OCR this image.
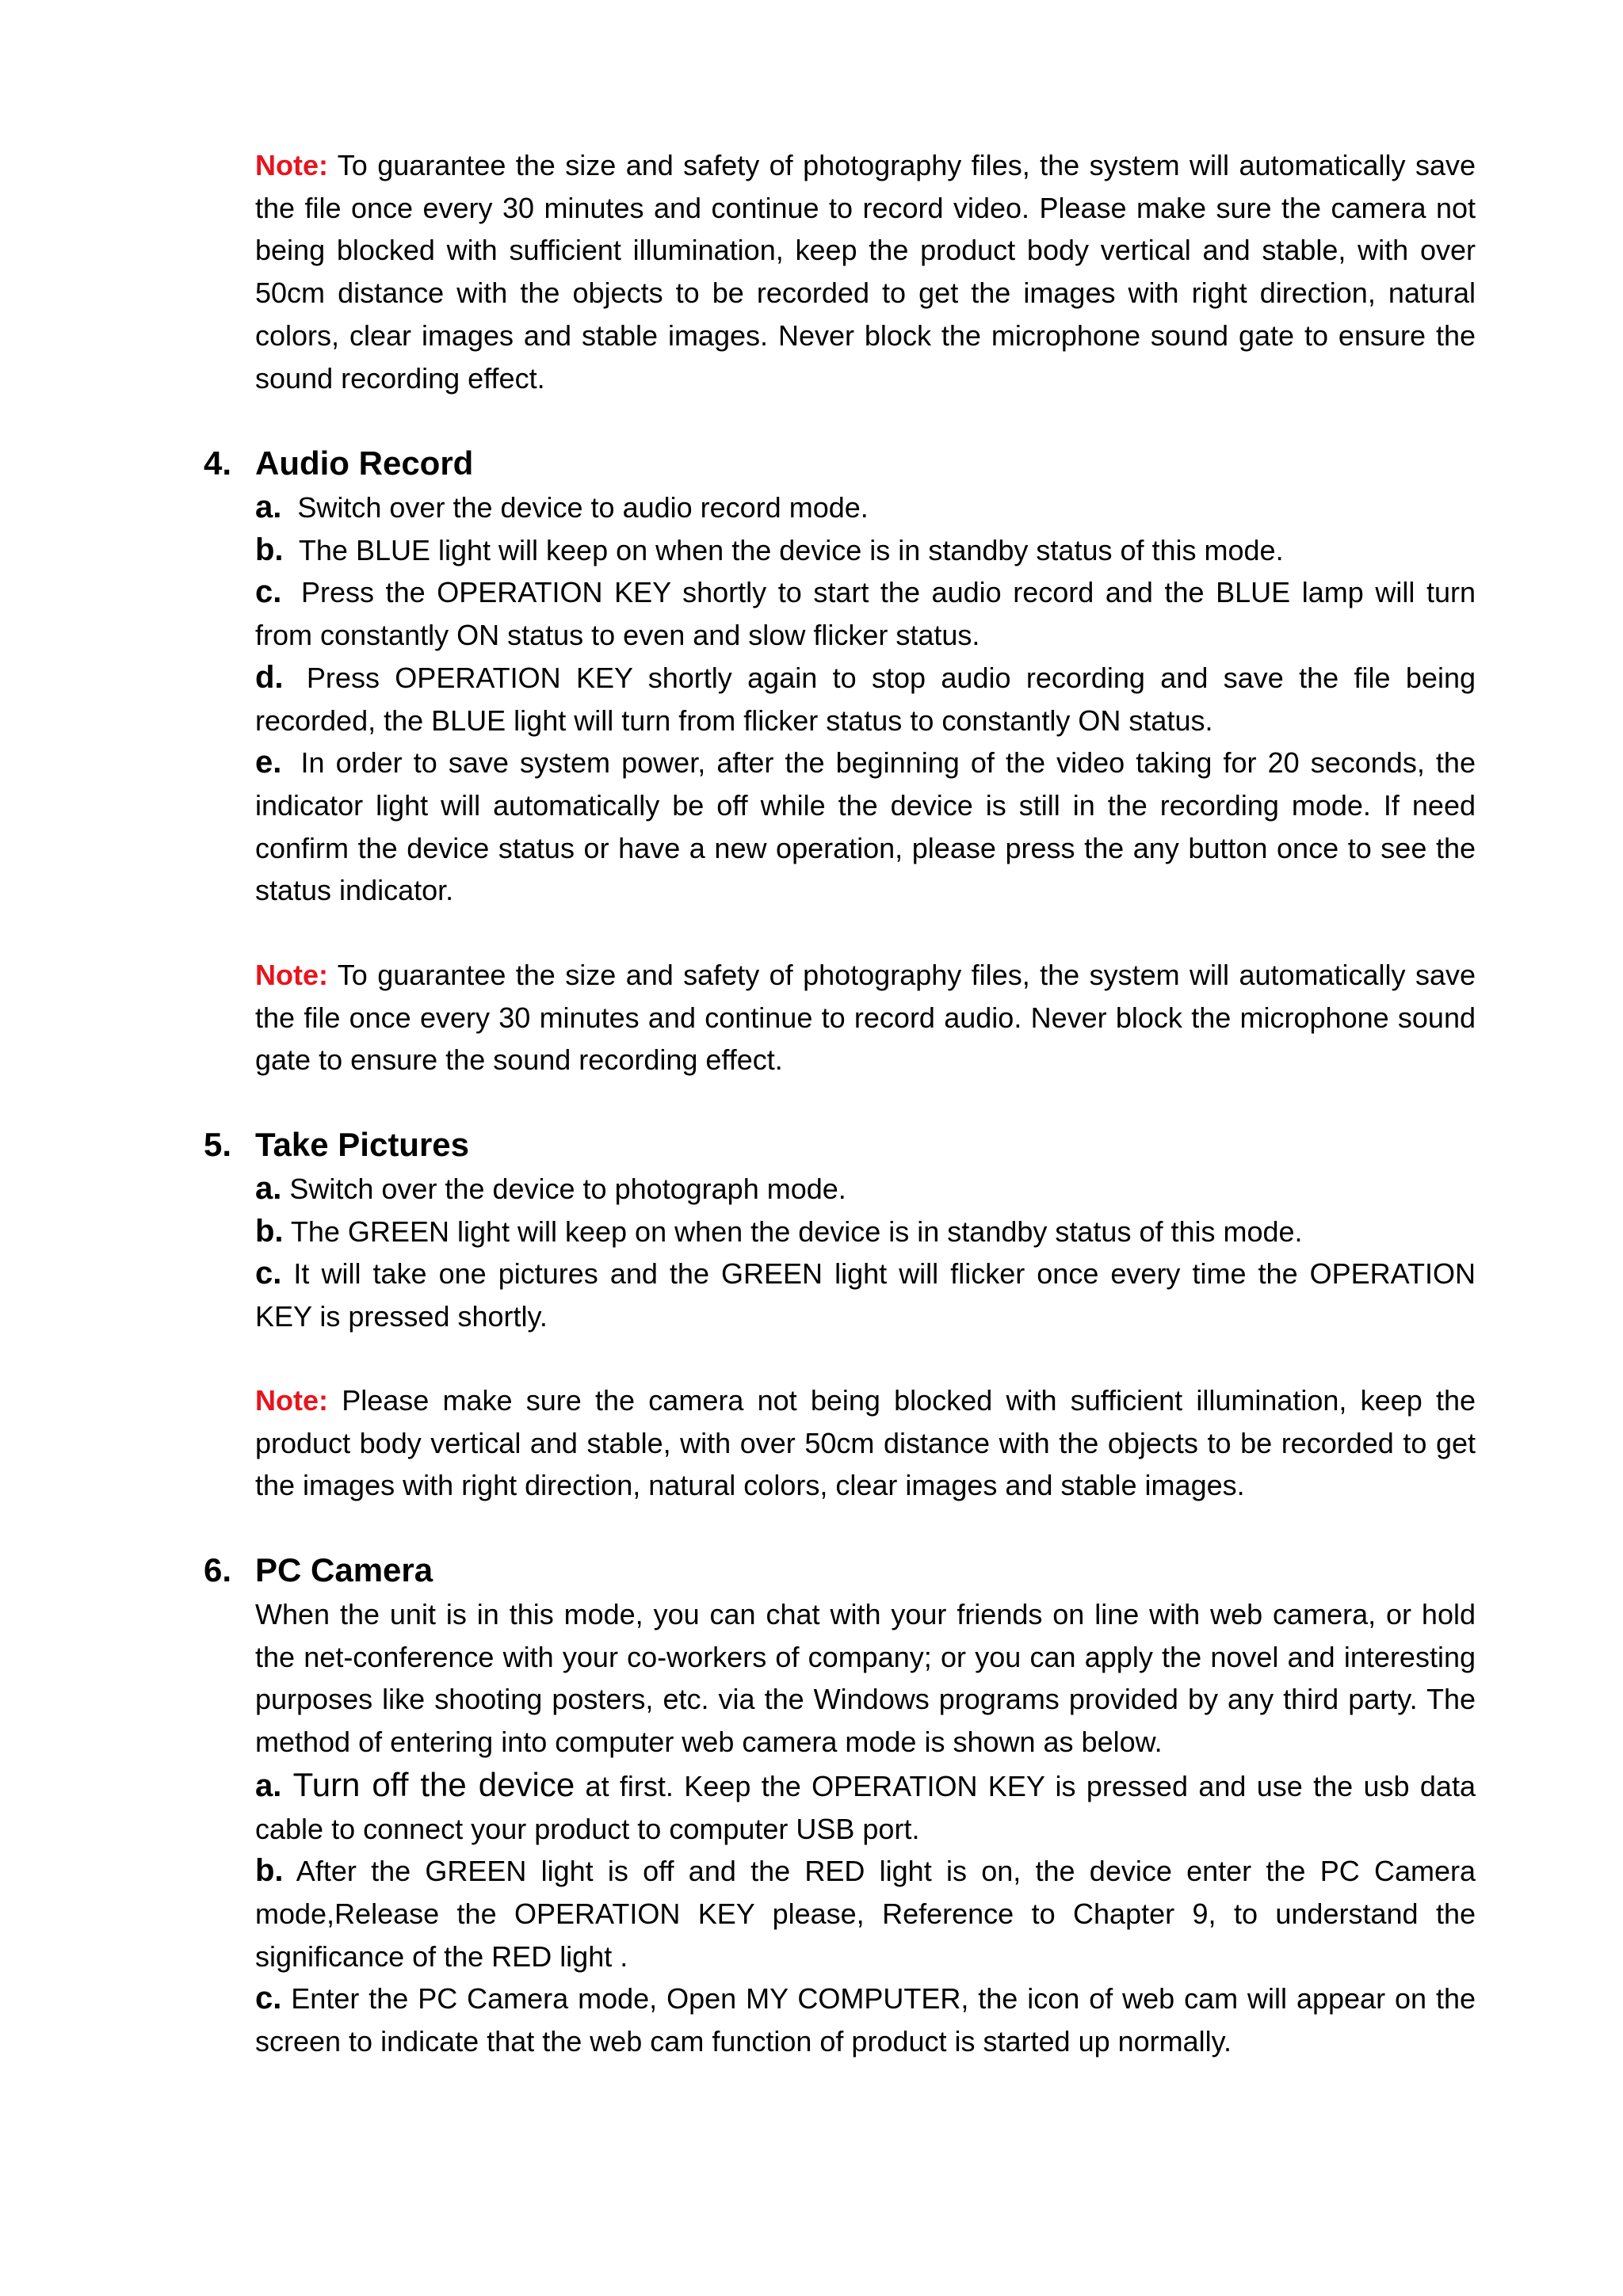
Note: To guarantee the size and safety of photography files, the system will automatically save the file once every 30 minutes and continue to record video. Please make sure the camera not being blocked with sufficient illumination, keep the product body vertical and stable, with over 50cm distance with the objects to be recorded to get the images with right direction, natural colors, clear images and stable images. Never block the microphone sound gate to ensure the sound recording effect.

4. Audio Record

a. Switch over the device to audio record mode.

b. The BLUE light will keep on when the device is in standby status of this mode.

c. Press the OPERATION KEY shortly to start the audio record and the BLUE lamp will turn from constantly ON status to even and slow flicker status.

d. Press OPERATION KEY shortly again to stop audio recording and save the file being recorded, the BLUE light will turn from flicker status to constantly ON status.

e. In order to save system power, after the beginning of the video taking for 20 seconds, the indicator light will automatically be off while the device is still in the recording mode. If need confirm the device status or have a new operation, please press the any button once to see the status indicator.

Note: To guarantee the size and safety of photography files, the system will automatically save the file once every 30 minutes and continue to record audio. Never block the microphone sound gate to ensure the sound recording effect.

5. Take Pictures

a. Switch over the device to photograph mode.

b. The GREEN light will keep on when the device is in standby status of this mode.

c. It will take one pictures and the GREEN light will flicker once every time the OPERATION KEY is pressed shortly.

Note: Please make sure the camera not being blocked with sufficient illumination, keep the product body vertical and stable, with over 50cm distance with the objects to be recorded to get the images with right direction, natural colors, clear images and stable images.

6. PC Camera

When the unit is in this mode, you can chat with your friends on line with web camera, or hold the net-conference with your co-workers of company; or you can apply the novel and interesting purposes like shooting posters, etc. via the Windows programs provided by any third party. The method of entering into computer web camera mode is shown as below.

a. Turn off the device at first. Keep the OPERATION KEY is pressed and use the usb data cable to connect your product to computer USB port.

b. After the GREEN light is off and the RED light is on, the device enter the PC Camera mode,Release the OPERATION KEY please, Reference to Chapter 9, to understand the significance of the RED light .

c. Enter the PC Camera mode, Open MY COMPUTER, the icon of web cam will appear on the screen to indicate that the web cam function of product is started up normally.
